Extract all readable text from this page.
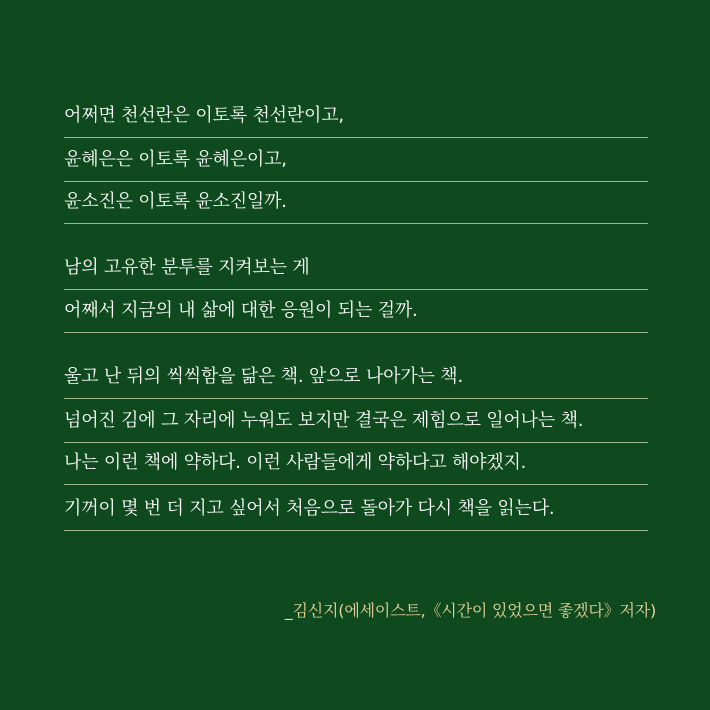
어쩌면 천선란은 이토록 천선란이고,
윤혜은은 이토록 윤혜은이고,
윤소진은 이토록 윤소진일까.
남의 고유한 분투를 지켜보는 게
어째서 지금의 내 삶에 대한 응원이 되는 걸까.
울고 난 뒤의 씩씩함을 닮은 책. 앞으로 나아가는 책.
넘어진 김에 그 자리에 누워도 보지만 결국은 제힘으로 일어나는 책.
나는 이런 책에 약하다. 이런 사람들에게 약하다고 해야겠지.
기꺼이 몇 번 더 지고 싶어서 처음으로 돌아가 다시 책을 읽는다.
_김신지(에세이스트,《시간이 있었으면 좋겠다》저자)
